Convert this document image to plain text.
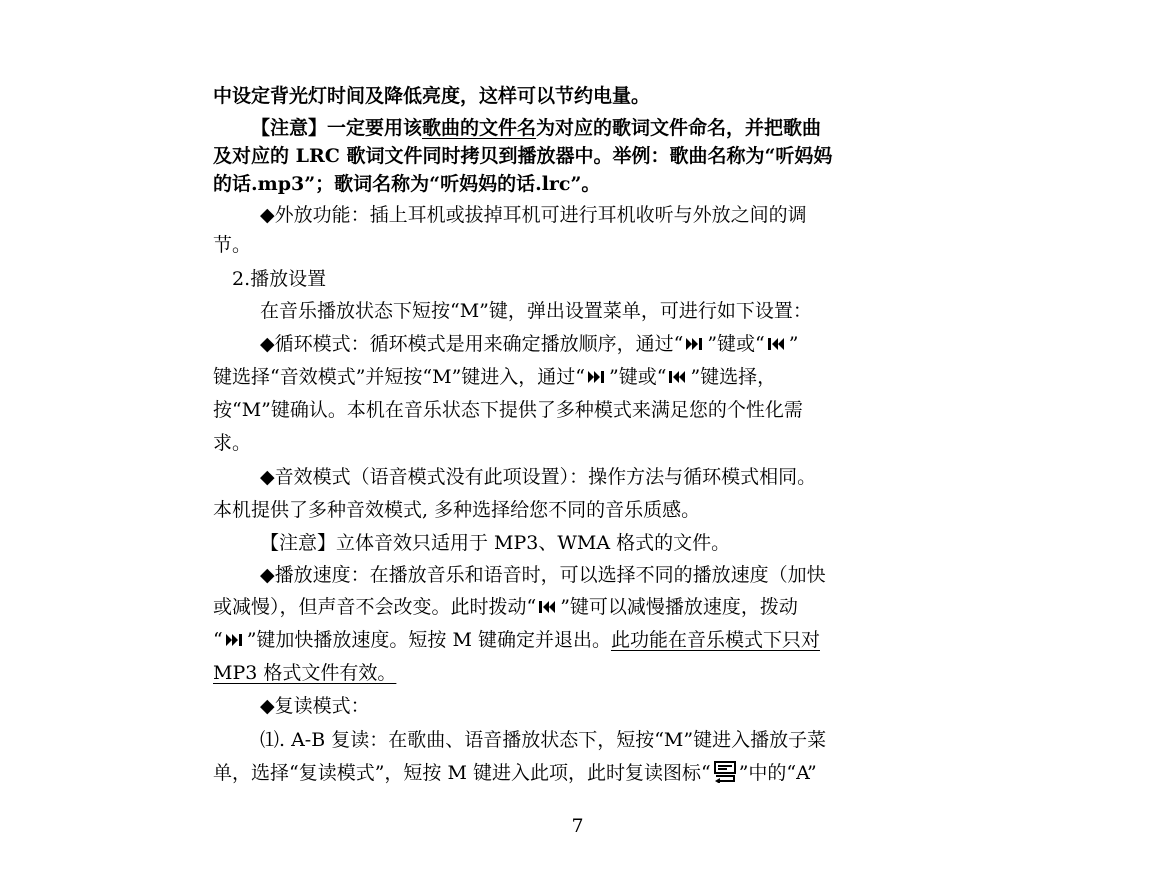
中设定背光灯时间及降低亮度，这样可以节约电量。

【注意】一定要用该歌曲的文件名为对应的歌词文件命名，并把歌曲

及对应的 LRC 歌词文件同时拷贝到播放器中。举例：歌曲名称为“听妈妈

的话.mp3”；歌词名称为“听妈妈的话.lrc”。

◆外放功能：插上耳机或拔掉耳机可进行耳机收听与外放之间的调

节。

2.播放设置

在音乐播放状态下短按“M”键，弹出设置菜单，可进行如下设置：

◆循环模式：循环模式是用来确定播放顺序，通过“ ”键或“ ”

键选择“音效模式”并短按“M”键进入，通过“ ”键或“ ”键选择，

按“M”键确认。本机在音乐状态下提供了多种模式来满足您的个性化需

求。

◆音效模式（语音模式没有此项设置）：操作方法与循环模式相同。

本机提供了多种音效模式, 多种选择给您不同的音乐质感。

【注意】立体音效只适用于 MP3、WMA 格式的文件。

◆播放速度：在播放音乐和语音时，可以选择不同的播放速度（加快

或减慢），但声音不会改变。此时拨动“ ”键可以减慢播放速度，拨动

“ ”键加快播放速度。短按 M 键确定并退出。此功能在音乐模式下只对

MP3 格式文件有效。

◆复读模式：

⑴. A-B 复读：在歌曲、语音播放状态下，短按“M”键进入播放子菜

单，选择“复读模式”，短按 M 键进入此项，此时复读图标“ ”中的“A”

7
